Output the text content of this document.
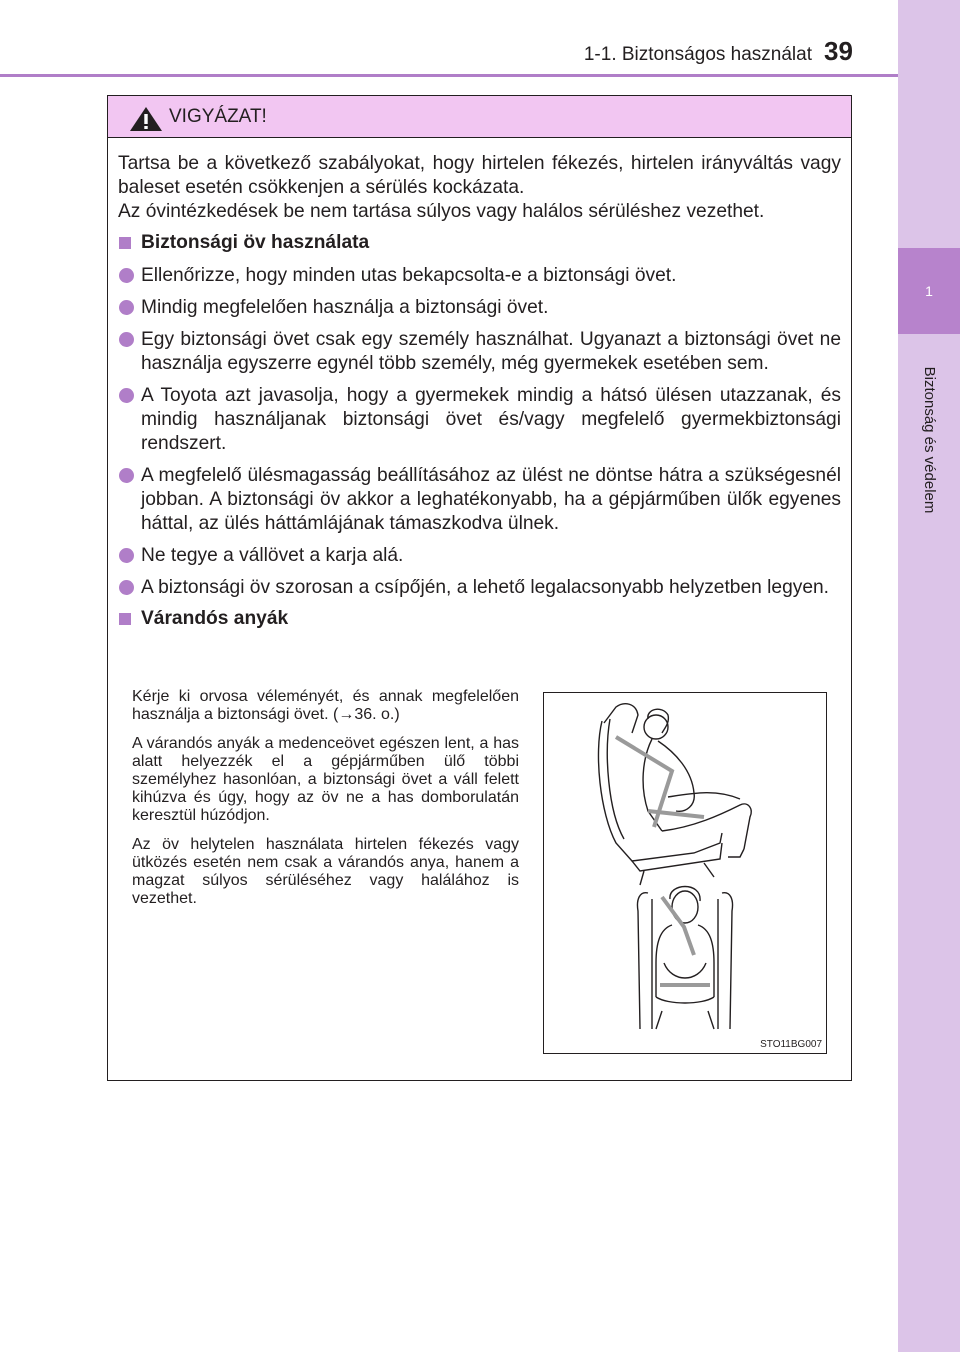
1-1. Biztonságos használat 39
1
Biztonság és védelem
VIGYÁZAT!

Tartsa be a következő szabályokat, hogy hirtelen fékezés, hirtelen irányváltás vagy baleset esetén csökkenjen a sérülés kockázata.

Az óvintézkedések be nem tartása súlyos vagy halálos sérüléshez vezethet.

Biztonsági öv használata
Ellenőrizze, hogy minden utas bekapcsolta-e a biztonsági övet.
Mindig megfelelően használja a biztonsági övet.
Egy biztonsági övet csak egy személy használhat. Ugyanazt a biztonsági övet ne használja egyszerre egynél több személy, még gyermekek esetében sem.
A Toyota azt javasolja, hogy a gyermekek mindig a hátsó ülésen utazzanak, és mindig használjanak biztonsági övet és/vagy megfelelő gyermekbiztonsági rendszert.
A megfelelő ülésmagasság beállításához az ülést ne döntse hátra a szükségesnél jobban. A biztonsági öv akkor a leghatékonyabb, ha a gépjárműben ülők egyenes háttal, az ülés háttámlájának támaszkodva ülnek.
Ne tegye a vállövet a karja alá.
A biztonsági öv szorosan a csípőjén, a lehető legalacsonyabb helyzetben legyen.
Várandós anyák

Kérje ki orvosa véleményét, és annak megfelelően használja a biztonsági övet. (→36. o.)

A várandós anyák a medenceövet egészen lent, a has alatt helyezzék el a gépjárműben ülő többi személyhez hasonlóan, a biztonsági övet a váll felett kihúzva és úgy, hogy az öv ne a has domborulatán keresztül húzódjon.

Az öv helytelen használata hirtelen fékezés vagy ütközés esetén nem csak a várandós anya, hanem a magzat súlyos sérüléséhez vagy halálához is vezethet.

STO11BG007
